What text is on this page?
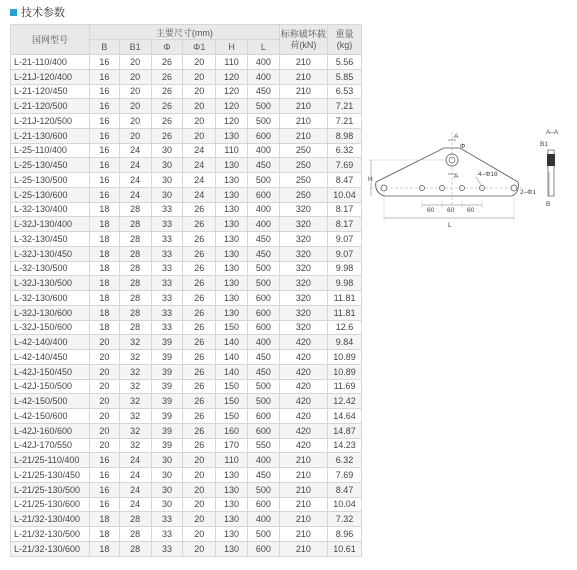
技术参数
国网型号	主要尺寸(mm)						标称破坏载荷(kN)	重量(kg)
	B	B1	Φ	Φ1	H	L		
L-21-110/400	16	20	26	20	110	400	210	5.56
L-21J-120/400	16	20	26	20	120	400	210	5.85
L-21-120/450	16	20	26	20	120	450	210	6.53
L-21-120/500	16	20	26	20	120	500	210	7.21
L-21J-120/500	16	20	26	20	120	500	210	7.21
L-21-130/600	16	20	26	20	130	600	210	8.98
L-25-110/400	16	24	30	24	110	400	250	6.32
L-25-130/450	16	24	30	24	130	450	250	7.69
L-25-130/500	16	24	30	24	130	500	250	8.47
L-25-130/600	16	24	30	24	130	600	250	10.04
L-32-130/400	18	28	33	26	130	400	320	8.17
L-32J-130/400	18	28	33	26	130	400	320	8.17
L-32-130/450	18	28	33	26	130	450	320	9.07
L-32J-130/450	18	28	33	26	130	450	320	9.07
L-32-130/500	18	28	33	26	130	500	320	9.98
L-32J-130/500	18	28	33	26	130	500	320	9.98
L-32-130/600	18	28	33	26	130	600	320	11.81
L-32J-130/600	18	28	33	26	130	600	320	11.81
L-32J-150/600	18	28	33	26	150	600	320	12.6
L-42-140/400	20	32	39	26	140	400	420	9.84
L-42-140/450	20	32	39	26	140	450	420	10.89
L-42J-150/450	20	32	39	26	140	450	420	10.89
L-42J-150/500	20	32	39	26	150	500	420	11.69
L-42-150/500	20	32	39	26	150	500	420	12.42
L-42-150/600	20	32	39	26	150	600	420	14.64
L-42J-160/600	20	32	39	26	160	600	420	14.87
L-42J-170/550	20	32	39	26	170	550	420	14.23
L-21/25-110/400	16	24	30	20	110	400	210	6.32
L-21/25-130/450	16	24	30	20	130	450	210	7.69
L-21/25-130/500	16	24	30	20	130	500	210	8.47
L-21/25-130/600	16	24	30	20	130	600	210	10.04
L-21/32-130/400	18	28	33	20	130	400	210	7.32
L-21/32-130/500	18	28	33	20	130	500	210	8.96
L-21/32-130/600	18	28	33	20	130	600	210	10.61
H
A
A
Φ
4–Φ18
2–Φ1
60 60 60
L
A–A
B1
B
